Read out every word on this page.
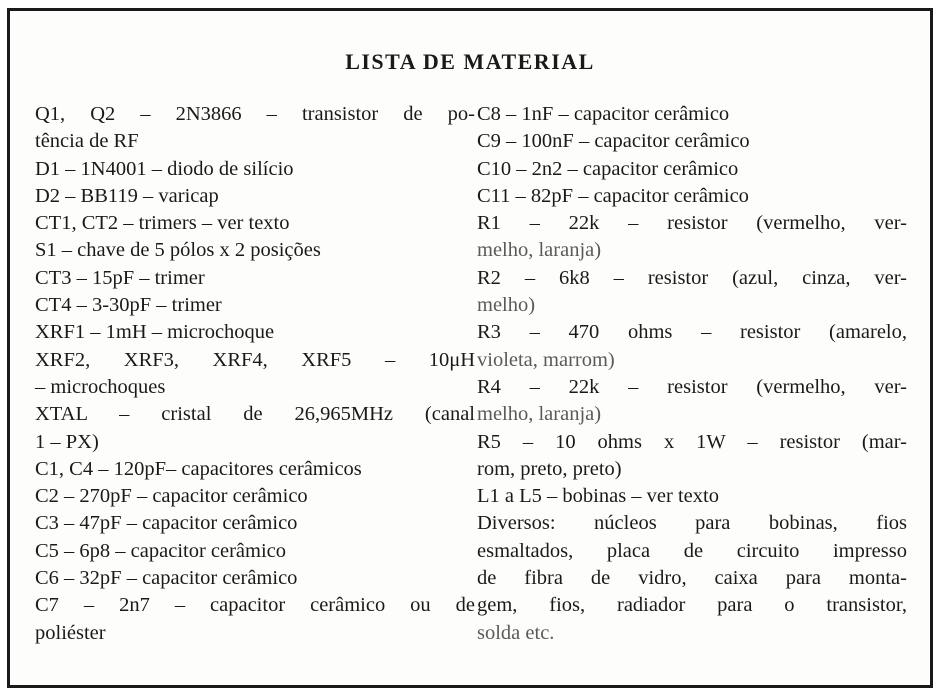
LISTA DE MATERIAL
Q1, Q2 – 2N3866 – transistor de po-
tência de RF
D1 – 1N4001 – diodo de silício
D2 – BB119 – varicap
CT1, CT2 – trimers – ver texto
S1 – chave de 5 pólos x 2 posições
CT3 – 15pF – trimer
CT4 – 3-30pF – trimer
XRF1 – 1mH – microchoque
XRF2, XRF3, XRF4, XRF5 – 10μH
– microchoques
XTAL – cristal de 26,965MHz (canal
1 – PX)
C1, C4 – 120pF– capacitores cerâmicos
C2 – 270pF – capacitor cerâmico
C3 – 47pF – capacitor cerâmico
C5 – 6p8 – capacitor cerâmico
C6 – 32pF – capacitor cerâmico
C7 – 2n7 – capacitor cerâmico ou de
poliéster
C8 – 1nF – capacitor cerâmico
C9 – 100nF – capacitor cerâmico
C10 – 2n2 – capacitor cerâmico
C11 – 82pF – capacitor cerâmico
R1 – 22k – resistor (vermelho, ver-
melho, laranja)
R2 – 6k8 – resistor (azul, cinza, ver-
melho)
R3 – 470 ohms – resistor (amarelo,
violeta, marrom)
R4 – 22k – resistor (vermelho, ver-
melho, laranja)
R5 – 10 ohms x 1W – resistor (mar-
rom, preto, preto)
L1 a L5 – bobinas – ver texto
Diversos: núcleos para bobinas, fios
esmaltados, placa de circuito impresso
de fibra de vidro, caixa para monta-
gem, fios, radiador para o transistor,
solda etc.
